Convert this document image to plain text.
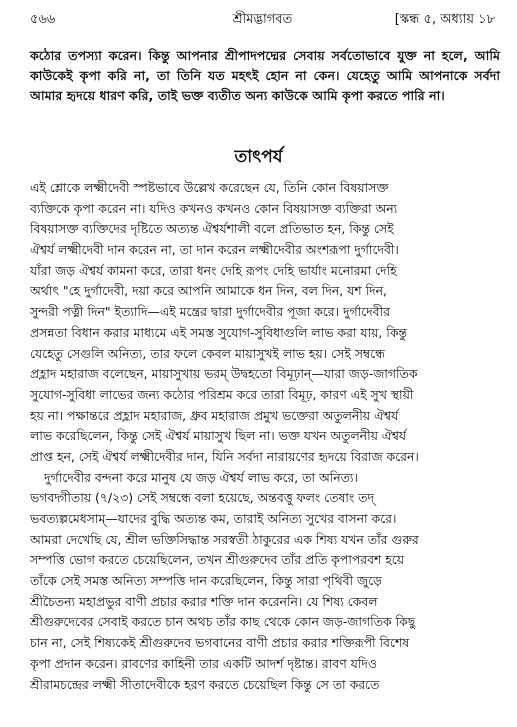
৫৬৬	শ্রীমদ্ভাগবত	[স্কন্ধ ৫, অধ্যায় ১৮

কঠোর তপস্যা করেন। কিন্তু আপনার শ্রীপাদপদ্মের সেবায় সর্বতোভাবে যুক্ত না হলে, আমি কাউকেই কৃপা করি না, তা তিনি যত মহৎই হোন না কেন। যেহেতু আমি আপনাকে সর্বদা আমার হৃদয়ে ধারণ করি, তাই ভক্ত ব্যতীত অন্য কাউকে আমি কৃপা করতে পারি না।

তাৎপর্য
এই শ্লোকে লক্ষ্মীদেবী স্পষ্টভাবে উল্লেখ করেছেন যে, তিনি কোন বিষয়াসক্ত
ব্যক্তিকে কৃপা করেন না। যদিও কখনও কখনও কোন বিষয়াসক্ত ব্যক্তিরা অন্য
বিষয়াসক্ত ব্যক্তিদের দৃষ্টিতে অত্যন্ত ঐশ্বর্যশালী বলে প্রতিভাত হন, কিন্তু সেই
ঐশ্বর্য লক্ষ্মীদেবী দান করেন না, তা দান করেন লক্ষ্মীদেবীর অংশরূপা দুর্গাদেবী।
যাঁরা জড় ঐশ্বর্য কামনা করে, তারা ধনং দেহি রূপং দেহি ভার্যাং মনোরমা দেহি
অর্থাৎ "হে দুর্গাদেবী, দয়া করে আপনি আমাকে ধন দিন, বল দিন, যশ দিন,
সুন্দরী পত্নী দিন" ইত্যাদি—এই মন্ত্রের দ্বারা দুর্গাদেবীর পূজা করে। দুর্গাদেবীর
প্রসন্নতা বিধান করার মাধ্যমে এই সমস্ত সুযোগ-সুবিধাগুলি লাভ করা যায়, কিন্তু
যেহেতু সেগুলি অনিত্য, তার ফলে কেবল মায়াসুখই লাভ হয়। সেই সম্বন্ধে
প্রহ্লাদ মহারাজ বলেছেন, মায়াসুখায় ভরম্ উদ্বহতো বিমূঢ়ান্—যারা জড়-জাগতিক
সুযোগ-সুবিধা লাভের জন্য কঠোর পরিশ্রম করে তারা বিমূঢ়, কারণ এই সুখ স্থায়ী
হয় না। পক্ষান্তরে প্রহ্লাদ মহারাজ, ধ্রুব মহারাজ প্রমুখ ভক্তেরা অতুলনীয় ঐশ্বর্য
লাভ করেছিলেন, কিন্তু সেই ঐশ্বর্য মায়াসুখ ছিল না। ভক্ত যখন অতুলনীয় ঐশ্বর্য
প্রাপ্ত হন, সেই ঐশ্বর্য লক্ষ্মীদেবীর দান, যিনি সর্বদা নারায়ণের হৃদয়ে বিরাজ করেন।
দুর্গাদেবীর বন্দনা করে মানুষ যে জড় ঐশ্বর্য লাভ করে, তা অনিত্য।
ভগবদ্গীতায় (৭/২৩) সেই সম্বন্ধে বলা হয়েছে, অন্তবত্তু ফলং তেষাং তদ্
ভবত্যল্পমেধসাম্—যাদের বুদ্ধি অত্যন্ত কম, তারাই অনিত্য সুখের বাসনা করে।
আমরা দেখেছি যে, শ্রীল ভক্তিসিদ্ধান্ত সরস্বতী ঠাকুরের এক শিষ্য যখন তাঁর গুরুর
সম্পত্তি ভোগ করতে চেয়েছিলেন, তখন শ্রীগুরুদেব তাঁর প্রতি কৃপাপরবশ হয়ে
তাঁকে সেই সমস্ত অনিত্য সম্পত্তি দান করেছিলেন, কিন্তু সারা পৃথিবী জুড়ে
শ্রীচৈতন্য মহাপ্রভুর বাণী প্রচার করার শক্তি দান করেননি। যে শিষ্য কেবল
শ্রীগুরুদেবের সেবাই করতে চান অথচ তাঁর কাছ থেকে কোন জড়-জাগতিক কিছু
চান না, সেই শিষ্যকেই শ্রীগুরুদেব ভগবানের বাণী প্রচার করার শক্তিরূপী বিশেষ
কৃপা প্রদান করেন। রাবণের কাহিনী তার একটি আদর্শ দৃষ্টান্ত। রাবণ যদিও
শ্রীরামচন্দ্রের লক্ষ্মী সীতাদেবীকে হরণ করতে চেয়েছিল কিন্তু সে তা করতে
